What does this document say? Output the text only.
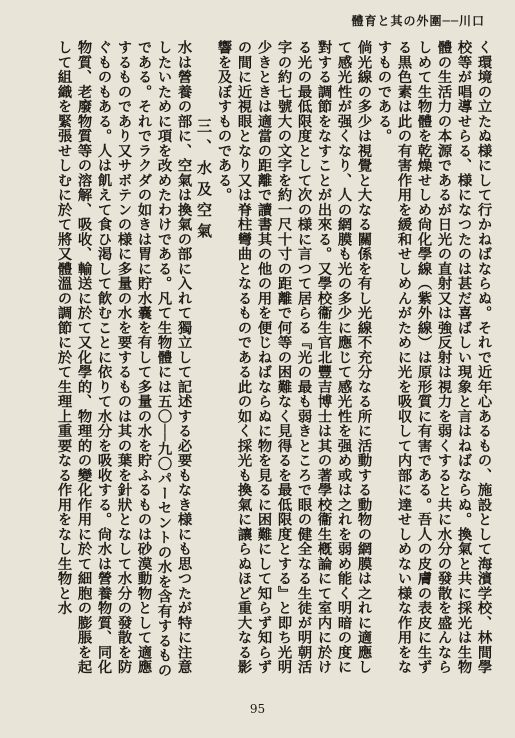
體育と其の外圍──川口

く環境の立たぬ様にして行かねばならぬ。それで近年心あるもの、施設として海濱学校、林間學校等が唱導せらる、様になつたのは甚だ喜ばしい現象と言はねばならぬ。換氣と共に採光は生物體の生活力の本源であるが日光の直射又は強反射は視力を弱くすると共に水分の發散を盛んならしめて生物體を乾燥せしめ尙化學線（紫外線）は原形質に有害である。吾人の皮膚の表皮に生ずる黒色素は此の有害作用を緩和せしめんがために光を吸収して内部に達せしめない様な作用をなすものである。

倘光線の多少は視覺と大なる關係を有し光線不充分なる所に活動する動物の網膜は之れに適應して感光性が强くなり、人の網膜も光の多少に應じて感光性を强め或は之れを弱め能く明暗の度に對する調節をなすことが出來る。又學校衞生官北豐吉博士は其の著學校衞生槪論にて室内に於ける光の最低限度として次の様に言つて居らる『光の最も弱きところで眼の健全なる生徒が明朝活字の約七號大の文字を約一尺十寸の距離で何等の困難なく見得るを最低限度とする』と即ち光明少きときは適當の距離で讀書其の他の用を便じねばならぬに物を見るに困難にして知らず知らずの間に近視眼となり又は脊柱彎曲となるものである此の如く採光も換氣に讓らぬほど重大なる影響を及ぼすものである。

三、水及空氣

水は營養の部に、空氣は換氣の部に入れて獨立して記述する必要もなき様にも思つたが特に注意したいために項を改めたわけである。凡て生物體には五〇──九〇パーセントの水を含有するものである。それでラクダの如きは胃に貯水嚢を有して多量の水を貯ふるものは砂漠動物として適應するものであり又サボテンの様に多量の水を要するものは其の葉を針狀となして水分の發散を防ぐものもある。人は飢えて食ひ渇して飮むことに依りて水分を吸收する。尙水は營養物質、同化物質、老廢物質等の溶解、吸收、輸送に於て又化學的、物理的の變化作用に於て細胞の膨脹を起して組織を緊張せしむに於て將又體溫の調節に於て生理上重要なる作用をなし生物と水

95
